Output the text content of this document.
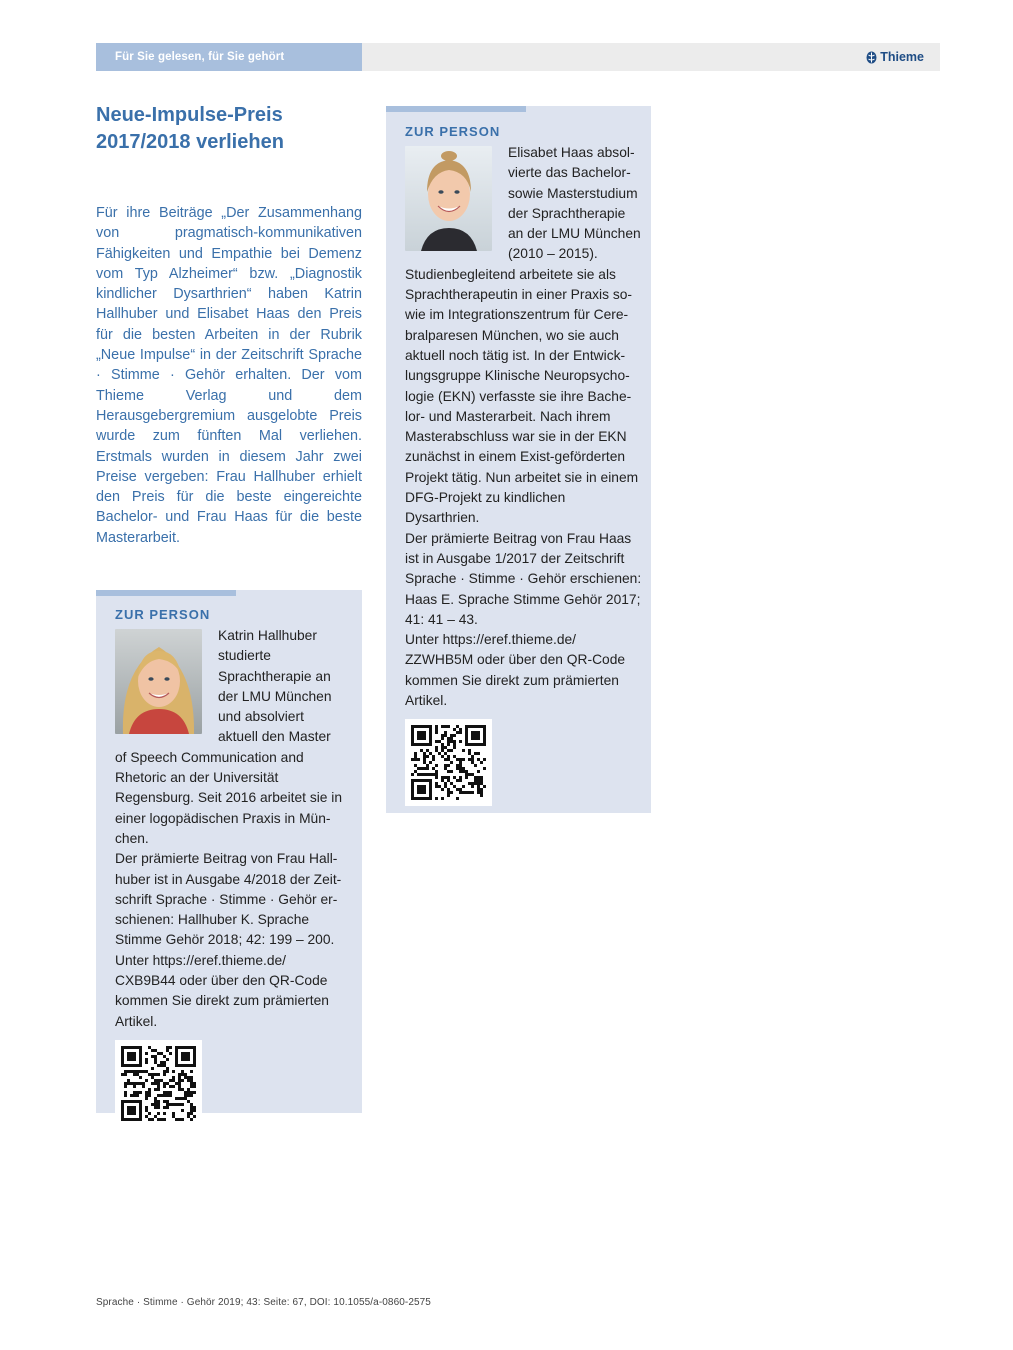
Für Sie gelesen, für Sie gehört	Thieme
Neue-Impulse-Preis
2017/2018 verliehen

Für ihre Beiträge „Der Zusammenhang von pragmatisch-kommunikativen Fähigkeiten und Empathie bei Demenz vom Typ Alzheimer“ bzw. „Diagnostik kindlicher Dysarthrien“ haben Katrin Hallhuber und Elisabet Haas den Preis für die besten Arbeiten in der Rubrik „Neue Impulse“ in der Zeitschrift Sprache · Stimme · Gehör erhalten. Der vom Thieme Verlag und dem Herausgebergremium ausgelobte Preis wurde zum fünften Mal verliehen. Erstmals wurden in diesem Jahr zwei Preise vergeben: Frau Hallhuber erhielt den Preis für die beste eingereichte Bachelor- und Frau Haas für die beste Masterarbeit.

ZUR PERSON

Katrin Hallhuber studierte Sprachtherapie an der LMU München und absolviert aktuell den Master of Speech Communication and Rhetoric an der Universität Regensburg. Seit 2016 arbeitet sie in einer logopädischen Praxis in München.

Der prämierte Beitrag von Frau Hallhuber ist in Ausgabe 4/2018 der Zeitschrift Sprache · Stimme · Gehör erschienen: Hallhuber K. Sprache Stimme Gehör 2018; 42: 199 – 200.

Unter https://eref.thieme.de/ CXB9B44 oder über den QR-Code kommen Sie direkt zum prämierten Artikel.

ZUR PERSON

Elisabet Haas absolvierte das Bachelor- sowie Masterstudium der Sprachtherapie an der LMU München (2010 – 2015). Studienbegleitend arbeitete sie als Sprachtherapeutin in einer Praxis sowie im Integrationszentrum für Cerebralparesen München, wo sie auch aktuell noch tätig ist. In der Entwicklungsgruppe Klinische Neuropsychologie (EKN) verfasste sie ihre Bachelor- und Masterarbeit. Nach ihrem Masterabschluss war sie in der EKN zunächst in einem Exist-geförderten Projekt tätig. Nun arbeitet sie in einem DFG-Projekt zu kindlichen Dysarthrien.

Der prämierte Beitrag von Frau Haas ist in Ausgabe 1/2017 der Zeitschrift Sprache · Stimme · Gehör erschienen: Haas E. Sprache Stimme Gehör 2017; 41: 41 – 43.

Unter https://eref.thieme.de/ ZZWHB5M oder über den QR-Code kommen Sie direkt zum prämierten Artikel.

Sprache · Stimme · Gehör 2019; 43: Seite: 67, DOI: 10.1055/a-0860-2575
